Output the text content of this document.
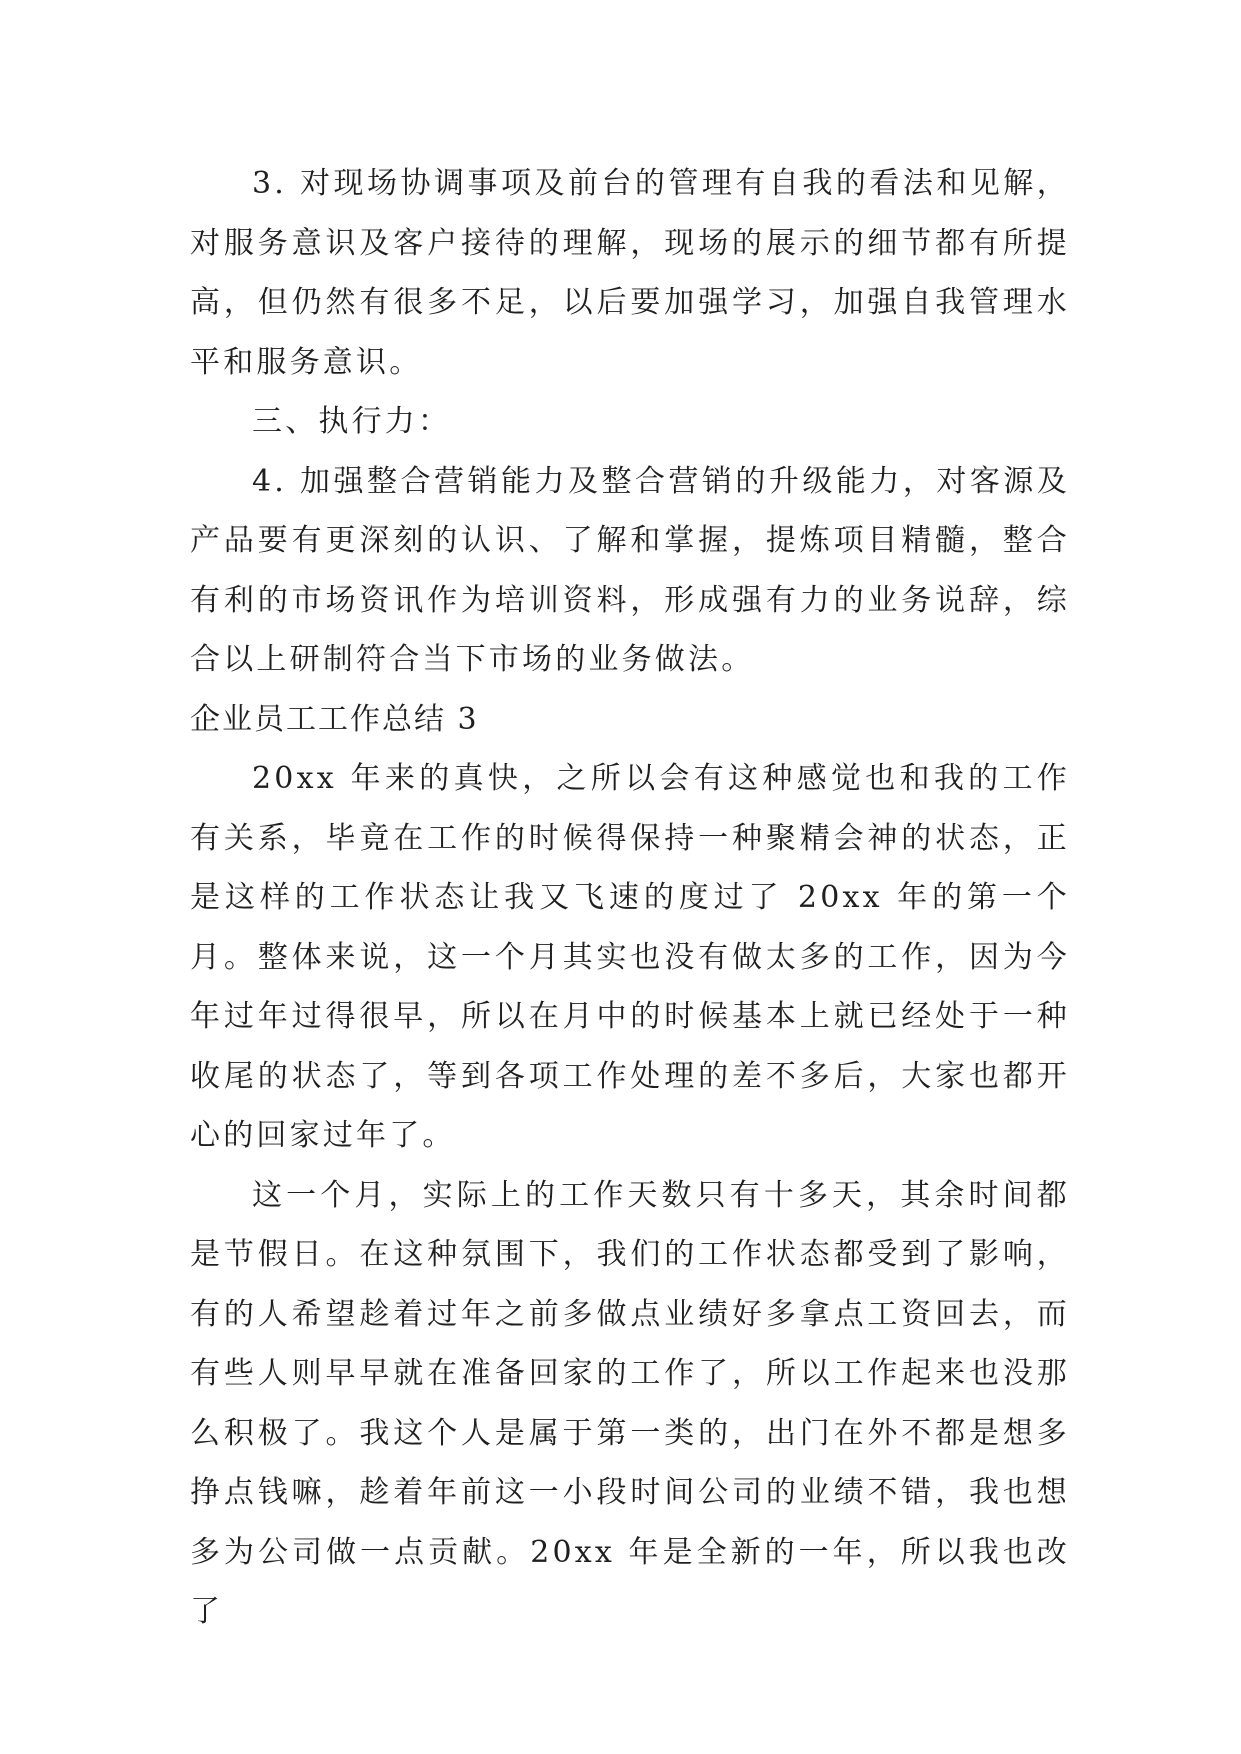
3. 对现场协调事项及前台的管理有自我的看法和见解，对服务意识及客户接待的理解，现场的展示的细节都有所提高，但仍然有很多不足，以后要加强学习，加强自我管理水平和服务意识。

三、执行力：

4. 加强整合营销能力及整合营销的升级能力，对客源及产品要有更深刻的认识、了解和掌握，提炼项目精髓，整合有利的市场资讯作为培训资料，形成强有力的业务说辞，综合以上研制符合当下市场的业务做法。

企业员工工作总结 3

20xx 年来的真快，之所以会有这种感觉也和我的工作有关系，毕竟在工作的时候得保持一种聚精会神的状态，正是这样的工作状态让我又飞速的度过了 20xx 年的第一个月。整体来说，这一个月其实也没有做太多的工作，因为今年过年过得很早，所以在月中的时候基本上就已经处于一种收尾的状态了，等到各项工作处理的差不多后，大家也都开心的回家过年了。

这一个月，实际上的工作天数只有十多天，其余时间都是节假日。在这种氛围下，我们的工作状态都受到了影响，有的人希望趁着过年之前多做点业绩好多拿点工资回去，而有些人则早早就在准备回家的工作了，所以工作起来也没那么积极了。我这个人是属于第一类的，出门在外不都是想多挣点钱嘛，趁着年前这一小段时间公司的业绩不错，我也想多为公司做一点贡献。20xx 年是全新的一年，所以我也改了
